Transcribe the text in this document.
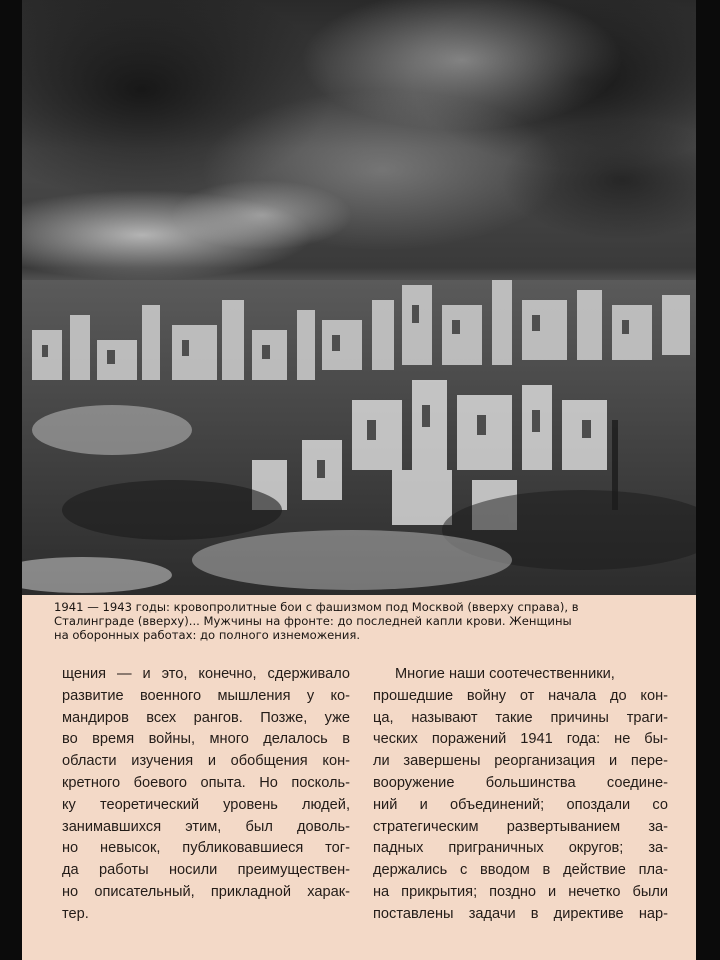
1941 — 1943 годы: кровопролитные бои с фашизмом под Москвой (вверху справа), в
Сталинграде (вверху)... Мужчины на фронте: до последней капли крови. Женщины
на оборонных работах: до полного изнеможения.
щения — и это, конечно, сдерживало
развитие военного мышления у ко-
мандиров всех рангов. Позже, уже
во время войны, много делалось в
области изучения и обобщения кон-
кретного боевого опыта. Но посколь-
ку теоретический уровень людей,
занимавшихся этим, был доволь-
но невысок, публиковавшиеся тог-
да работы носили преимуществен-
но описательный, прикладной харак-
тер.
Многие наши соотечественники,
прошедшие войну от начала до кон-
ца, называют такие причины траги-
ческих поражений 1941 года: не бы-
ли завершены реорганизация и пере-
вооружение большинства соедине-
ний и объединений; опоздали со
стратегическим развертыванием за-
падных приграничных округов; за-
держались с вводом в действие пла-
на прикрытия; поздно и нечетко были
поставлены задачи в директиве нар-
